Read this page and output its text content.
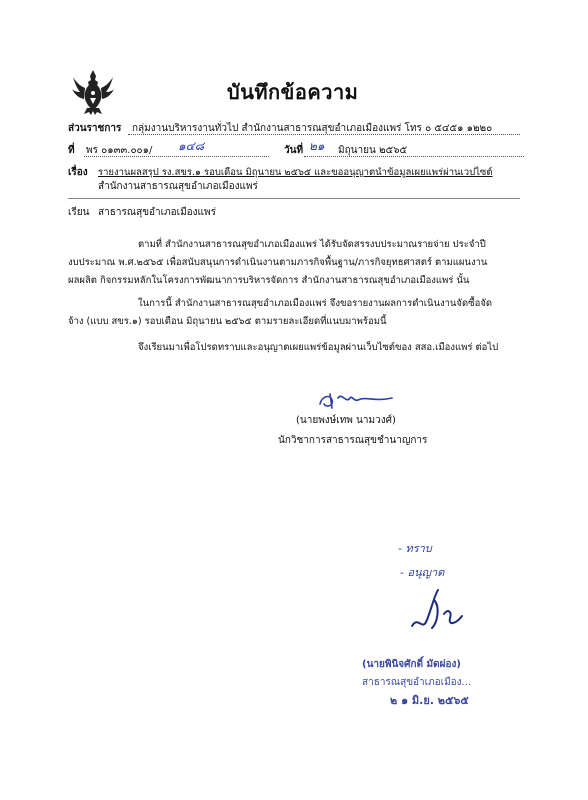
บันทึกข้อความ
ส่วนราชการ กลุ่มงานบริหารงานทั่วไป สำนักงานสาธารณสุขอำเภอเมืองแพร่ โทร ๐ ๕๔๕๑ ๑๒๒๐
ที่ พร ๐๑๓๓.๐๐๑/ ๑๔๘	วันที่ ๒๑ มิถุนายน ๒๕๖๕
เรื่อง รายงานผลสรุป รง.สขร.๑ รอบเดือน มิถุนายน ๒๕๖๕ และขออนุญาตนำข้อมูลเผยแพร่ผ่านเวปไซต์
สำนักงานสาธารณสุขอำเภอเมืองแพร่
เรียน สาธารณสุขอำเภอเมืองแพร่
ตามที่ สำนักงานสาธารณสุขอำเภอเมืองแพร่ ได้รับจัดสรรงบประมาณรายจ่าย ประจำปี
งบประมาณ พ.ศ.๒๕๖๕ เพื่อสนับสนุนการดำเนินงานตามภารกิจพื้นฐาน/ภารกิจยุทธศาสตร์ ตามแผนงาน
ผลผลิต กิจกรรมหลักในโครงการพัฒนาการบริหารจัดการ สำนักงานสาธารณสุขอำเภอเมืองแพร่ นั้น
ในการนี้ สำนักงานสาธารณสุขอำเภอเมืองแพร่ จึงขอรายงานผลการดำเนินงานจัดซื้อจัด
จ้าง (แบบ สขร.๑) รอบเดือน มิถุนายน ๒๕๖๕ ตามรายละเอียดที่แนบมาพร้อมนี้
จึงเรียนมาเพื่อโปรดทราบและอนุญาตเผยแพร่ข้อมูลผ่านเว็บไซต์ของ สสอ.เมืองแพร่ ต่อไป
(นายพงษ์เทพ นามวงศ์)
นักวิชาการสาธารณสุขชำนาญการ
- ทราบ
- อนุญาต
(นายพินิจศักดิ์ มัดผ่อง)
สาธารณสุขอำเภอเมือง...
๒ ๑ มิ.ย. ๒๕๖๕
